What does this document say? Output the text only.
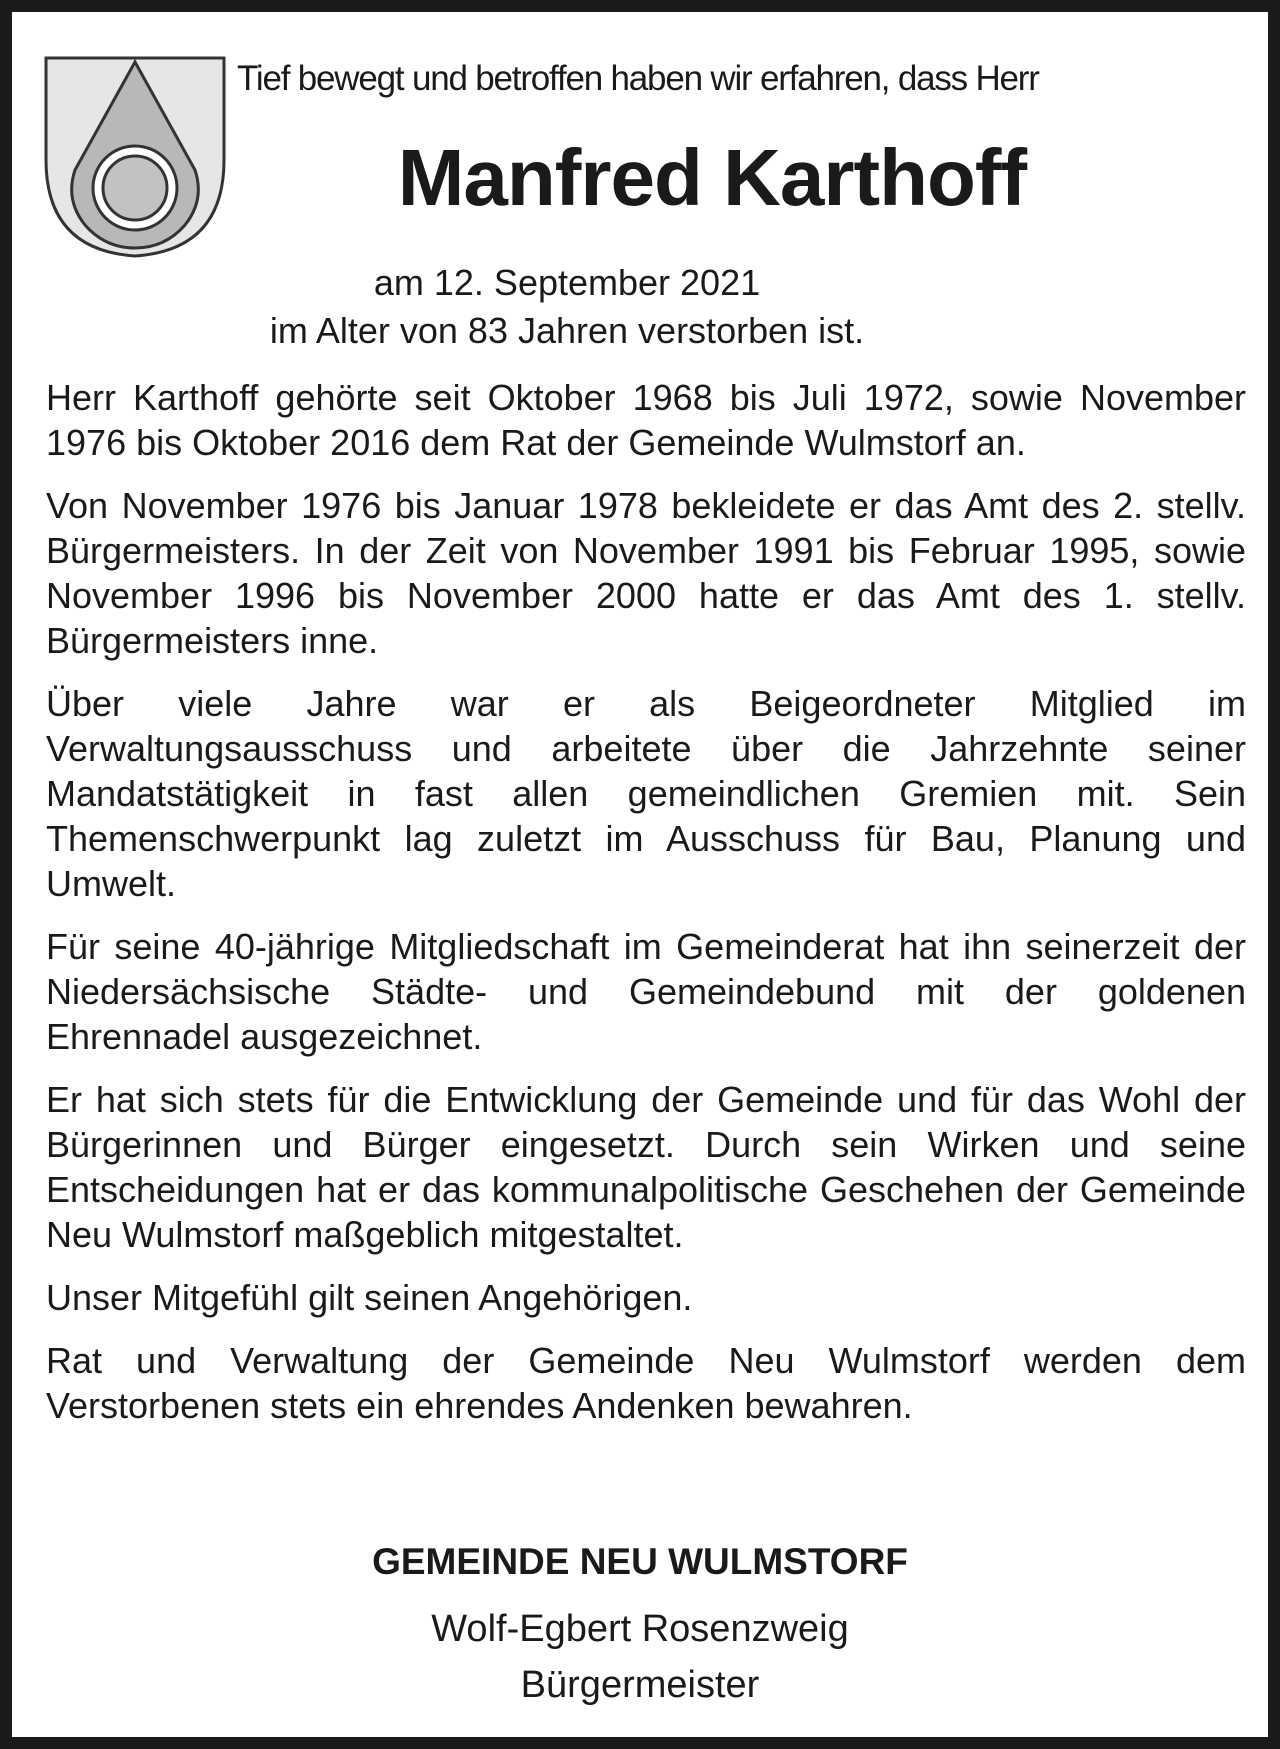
Tief bewegt und betroffen haben wir erfahren, dass Herr
Manfred Karthoff
am 12. September 2021
im Alter von 83 Jahren verstorben ist.

Herr Karthoff gehörte seit Oktober 1968 bis Juli 1972, sowie November 1976 bis Oktober 2016 dem Rat der Gemeinde Wulmstorf an.

Von November 1976 bis Januar 1978 bekleidete er das Amt des 2. stellv. Bürgermeisters. In der Zeit von November 1991 bis Februar 1995, sowie November 1996 bis November 2000 hatte er das Amt des 1. stellv. Bürgermeisters inne.

Über viele Jahre war er als Beigeordneter Mitglied im Verwaltungsausschuss und arbeitete über die Jahrzehnte seiner Mandatstätigkeit in fast allen gemeindlichen Gremien mit. Sein Themenschwerpunkt lag zuletzt im Ausschuss für Bau, Planung und Umwelt.

Für seine 40-jährige Mitgliedschaft im Gemeinderat hat ihn seinerzeit der Niedersächsische Städte- und Gemeindebund mit der goldenen Ehrennadel ausgezeichnet.

Er hat sich stets für die Entwicklung der Gemeinde und für das Wohl der Bürgerinnen und Bürger eingesetzt. Durch sein Wirken und seine Entscheidungen hat er das kommunalpolitische Geschehen der Gemeinde Neu Wulmstorf maßgeblich mitgestaltet.

Unser Mitgefühl gilt seinen Angehörigen.

Rat und Verwaltung der Gemeinde Neu Wulmstorf werden dem Verstorbenen stets ein ehrendes Andenken bewahren.

GEMEINDE NEU WULMSTORF
Wolf-Egbert Rosenzweig
Bürgermeister
